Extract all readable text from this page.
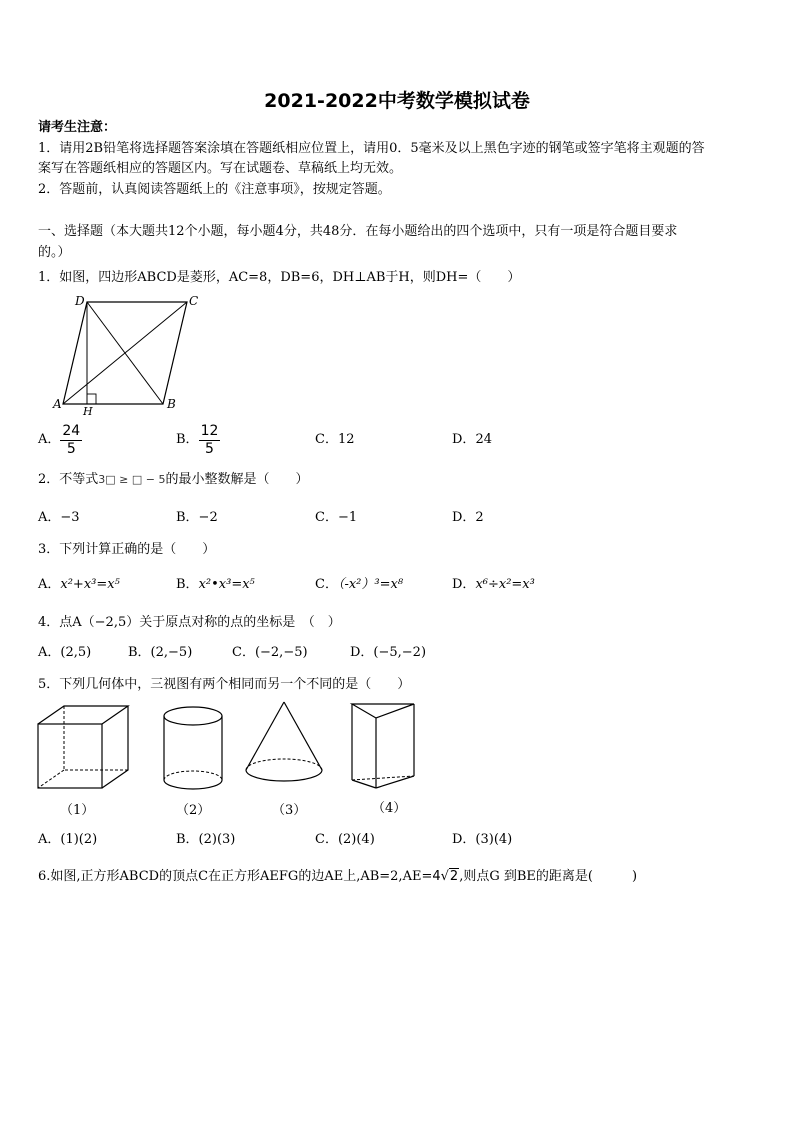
2021-2022中考数学模拟试卷
请考生注意：
1．请用2B铅笔将选择题答案涂填在答题纸相应位置上，请用0．5毫米及以上黑色字迹的钢笔或签字笔将主观题的答
案写在答题纸相应的答题区内。写在试题卷、草稿纸上均无效。
2．答题前，认真阅读答题纸上的《注意事项》，按规定答题。
一、选择题（本大题共12个小题，每小题4分，共48分．在每小题给出的四个选项中，只有一项是符合题目要求
的。）
1．如图，四边形ABCD是菱形，AC=8，DB=6，DH⊥AB于H，则DH=（　　）
A	B
C
D
H
A． $\frac{24}{5}$	B． $\frac{12}{5}$	C．12	D．24
2．不等式3□ ≥ □ − 5的最小整数解是（　　）
A．−3	B．−2	C．−1	D．2
3．下列计算正确的是（　　）
A．x²+x³=x⁵	B．x²•x³=x⁵	C．（-x²）³=x⁸	D．x⁶÷x²=x³
4．点A（−2,5）关于原点对称的点的坐标是　（　）
A．(2,5)	B．(2,−5)	C．(−2,−5)	D．(−5,−2)
5．下列几何体中，三视图有两个相同而另一个不同的是（　　）
（1）	（2）	（3）	（4）
A．(1)(2)	B．(2)(3)	C．(2)(4)	D．(3)(4)
6.如图,正方形ABCD的顶点C在正方形AEFG的边AE上,AB=2,AE=4√2,则点G 到BE的距离是(　　　)
